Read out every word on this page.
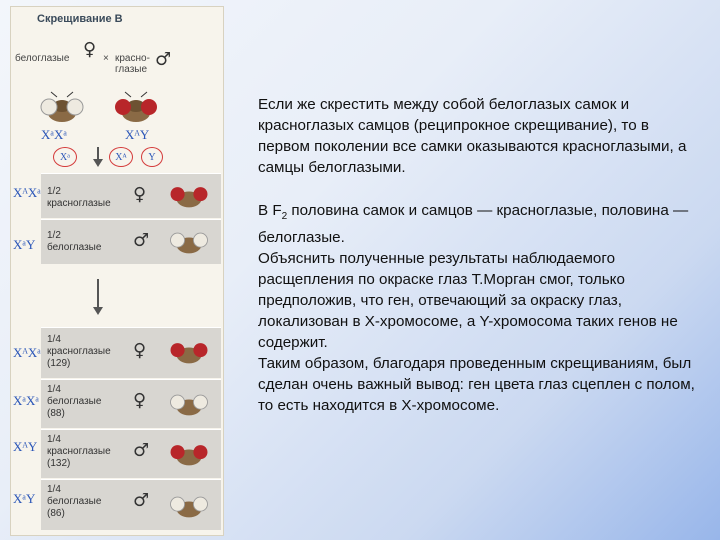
Скрещивание В
белоглазые ♀ × красно- глазые ♂
XᵃXᵃ	XᴬY
Xᵃ	Xᴬ Y
1/2
красноглазые ♀
XᴬXᵃ
1/2
белоглазые ♂
XᵃY
1/4
красноглазые
(129)
♀
XᴬXᵃ
1/4
белоглазые
(88)
♀
XᵃXᵃ
1/4
красноглазые
(132)
♂
XᴬY
1/4
белоглазые
(86)
♂
XᵃY

Если же скрестить между собой белоглазых самок и красноглазых самцов (реципрокное скрещивание), то в первом поколении все самки оказываются красноглазыми, а самцы белоглазыми.

В $F_2$ половина самок и самцов — красноглазые, половина — белоглазые.

Объяснить полученные результаты наблюдаемого расщепления по окраске глаз Т.Морган смог, только предположив, что ген, отвечающий за окраску глаз, локализован в Х-хромосоме, а Y-хромосома таких генов не содержит.

Таким образом, благодаря проведенным скрещиваниям, был сделан очень важный вывод: ген цвета глаз сцеплен с полом, то есть находится в Х-хромосоме.
